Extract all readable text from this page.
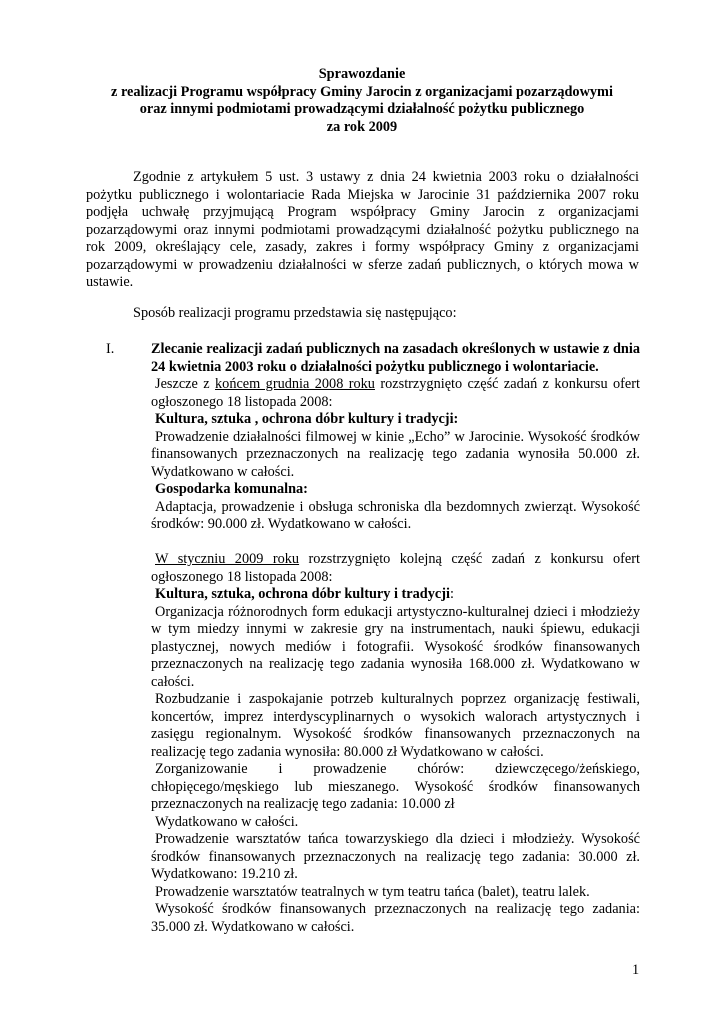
Sprawozdanie
z realizacji Programu współpracy Gminy Jarocin z organizacjami pozarządowymi
oraz innymi podmiotami prowadzącymi działalność pożytku publicznego
za rok 2009
Zgodnie z artykułem 5 ust. 3 ustawy z dnia 24 kwietnia 2003 roku o działalności pożytku publicznego i wolontariacie Rada Miejska w Jarocinie 31 października 2007 roku podjęła uchwałę przyjmującą Program współpracy Gminy Jarocin z organizacjami pozarządowymi oraz innymi podmiotami prowadzącymi działalność pożytku publicznego na rok 2009, określający cele, zasady, zakres i formy współpracy Gminy z organizacjami pozarządowymi w prowadzeniu działalności w sferze zadań publicznych, o których mowa w ustawie.
Sposób realizacji programu przedstawia się następująco:
I.	Zlecanie realizacji zadań publicznych na zasadach określonych w ustawie z dnia 24 kwietnia 2003 roku o działalności pożytku publicznego i wolontariacie.

Jeszcze z końcem grudnia 2008 roku rozstrzygnięto część zadań z konkursu ofert ogłoszonego 18 listopada 2008:

Kultura, sztuka , ochrona dóbr kultury i tradycji:

Prowadzenie działalności filmowej w kinie „Echo” w Jarocinie. Wysokość środków finansowanych przeznaczonych na realizację tego zadania wynosiła 50.000 zł. Wydatkowano w całości.

Gospodarka komunalna:

Adaptacja, prowadzenie i obsługa schroniska dla bezdomnych zwierząt. Wysokość środków: 90.000 zł. Wydatkowano w całości.

W styczniu 2009 roku rozstrzygnięto kolejną część zadań z konkursu ofert ogłoszonego 18 listopada 2008:

Kultura, sztuka, ochrona dóbr kultury i tradycji:

Organizacja różnorodnych form edukacji artystyczno-kulturalnej dzieci i młodzieży w tym miedzy innymi w zakresie gry na instrumentach, nauki śpiewu, edukacji plastycznej, nowych mediów i fotografii. Wysokość środków finansowanych przeznaczonych na realizację tego zadania wynosiła 168.000 zł. Wydatkowano w całości.

Rozbudzanie i zaspokajanie potrzeb kulturalnych poprzez organizację festiwali, koncertów, imprez interdyscyplinarnych o wysokich walorach artystycznych i zasięgu regionalnym. Wysokość środków finansowanych przeznaczonych na realizację tego zadania wynosiła: 80.000 zł Wydatkowano w całości.

Zorganizowanie i prowadzenie chórów: dziewczęcego/żeńskiego, chłopięcego/męskiego lub mieszanego. Wysokość środków finansowanych przeznaczonych na realizację tego zadania: 10.000 zł

Wydatkowano w całości.

Prowadzenie warsztatów tańca towarzyskiego dla dzieci i młodzieży. Wysokość środków finansowanych przeznaczonych na realizację tego zadania: 30.000 zł. Wydatkowano: 19.210 zł.

Prowadzenie warsztatów teatralnych w tym teatru tańca (balet), teatru lalek.

Wysokość środków finansowanych przeznaczonych na realizację tego zadania: 35.000 zł. Wydatkowano w całości.

1
